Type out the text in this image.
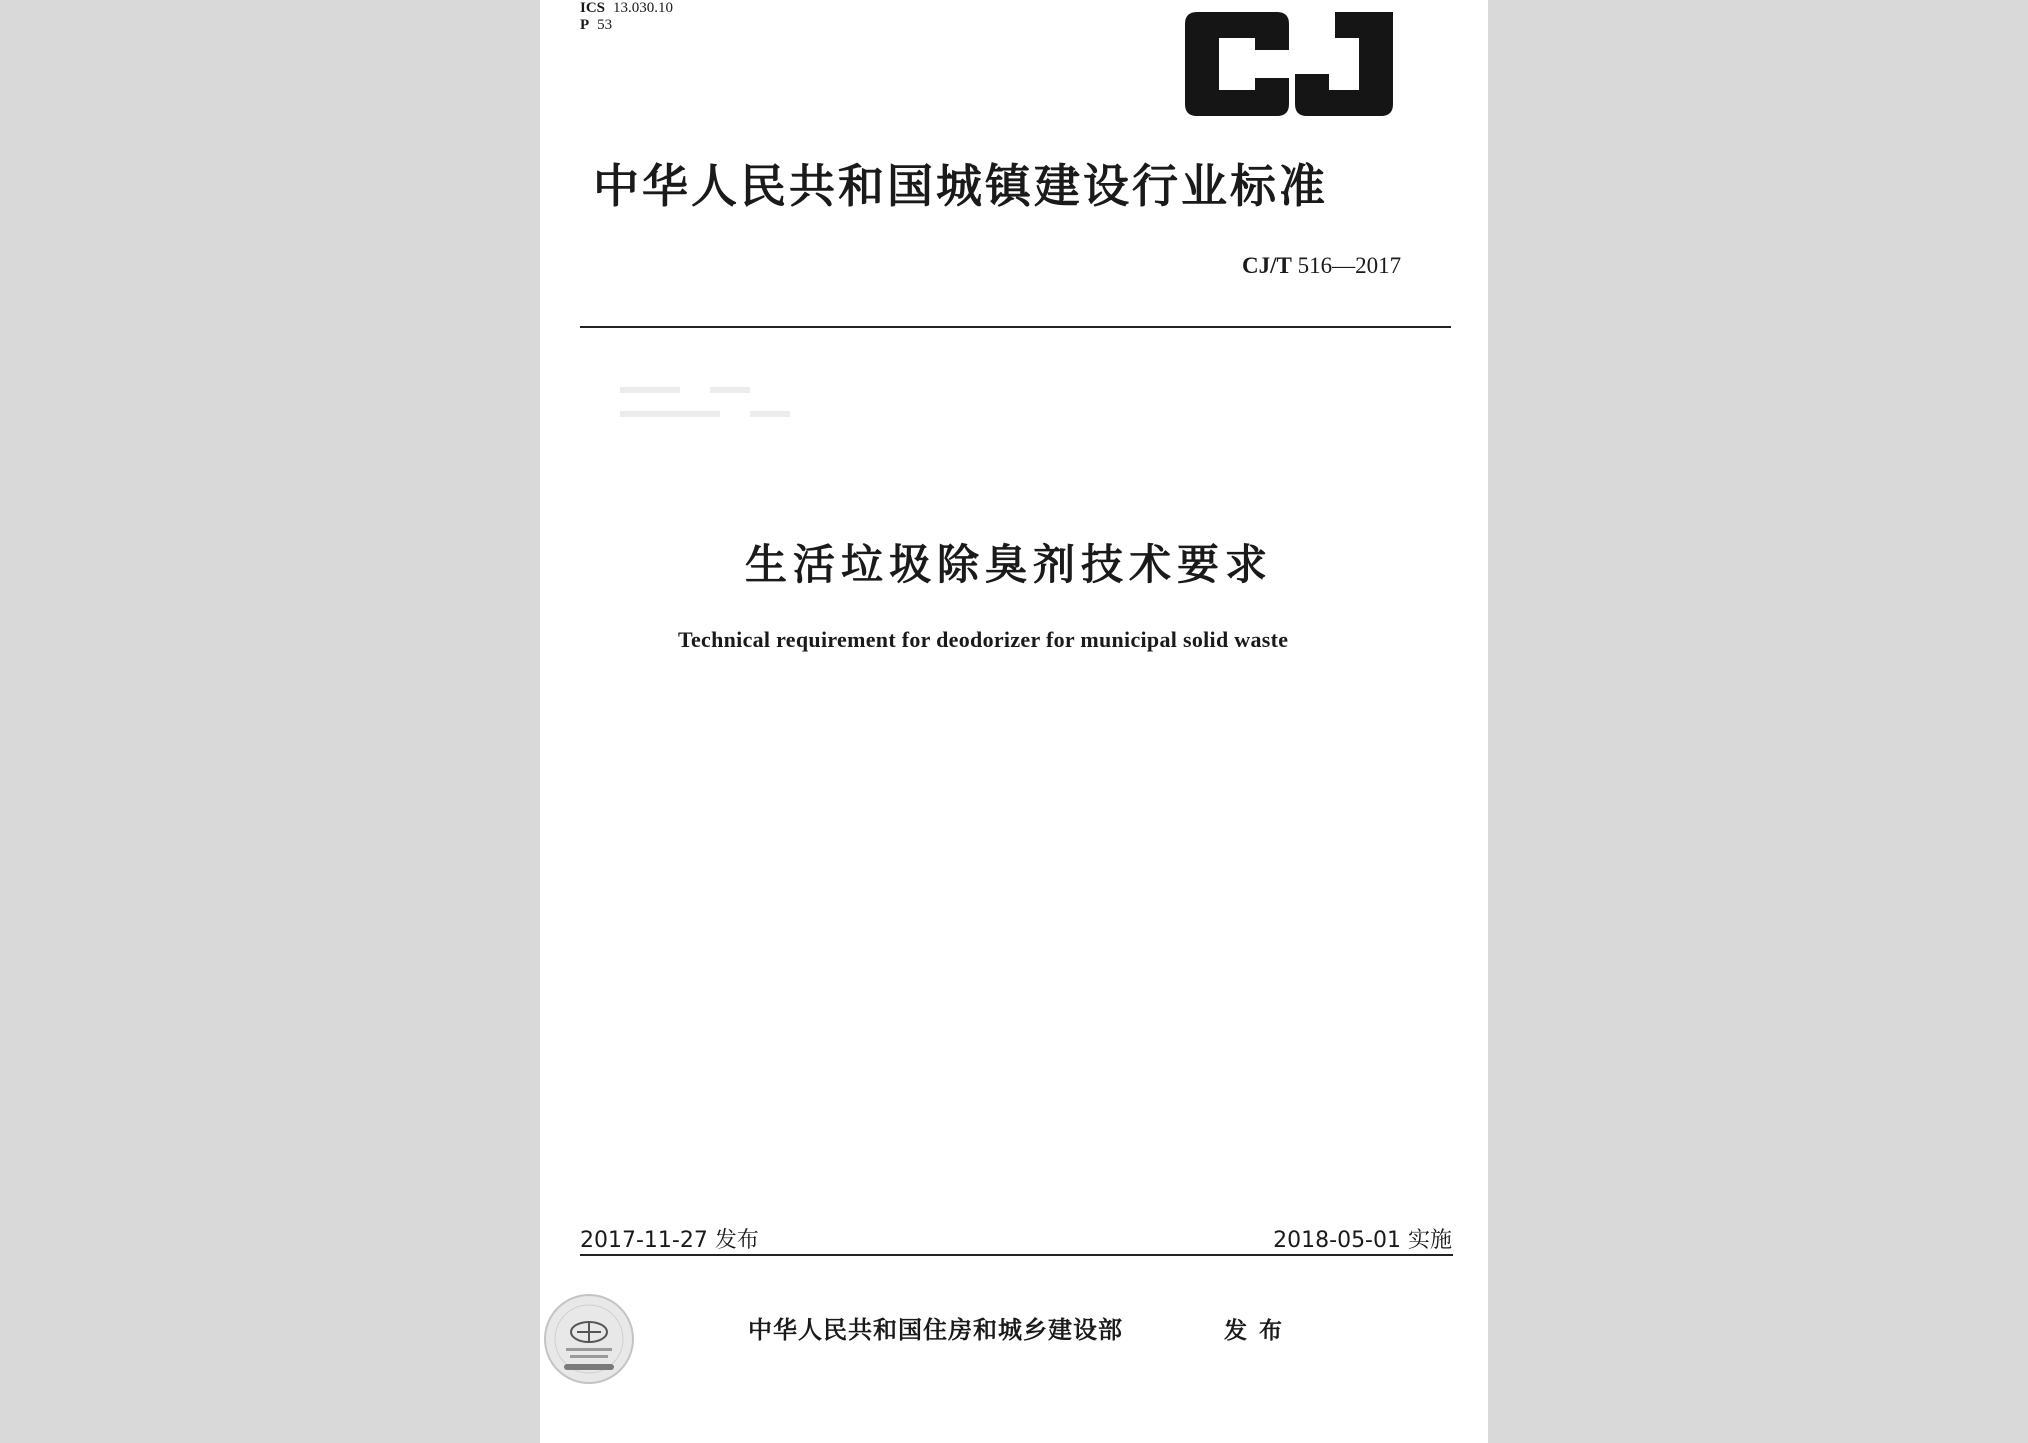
ICS 13.030.10
P 53
中华人民共和国城镇建设行业标准
CJ/T 516—2017
生活垃圾除臭剂技术要求
Technical requirement for deodorizer for municipal solid waste
2017-11-27 发布	2018-05-01 实施
中华人民共和国住房和城乡建设部	发布
